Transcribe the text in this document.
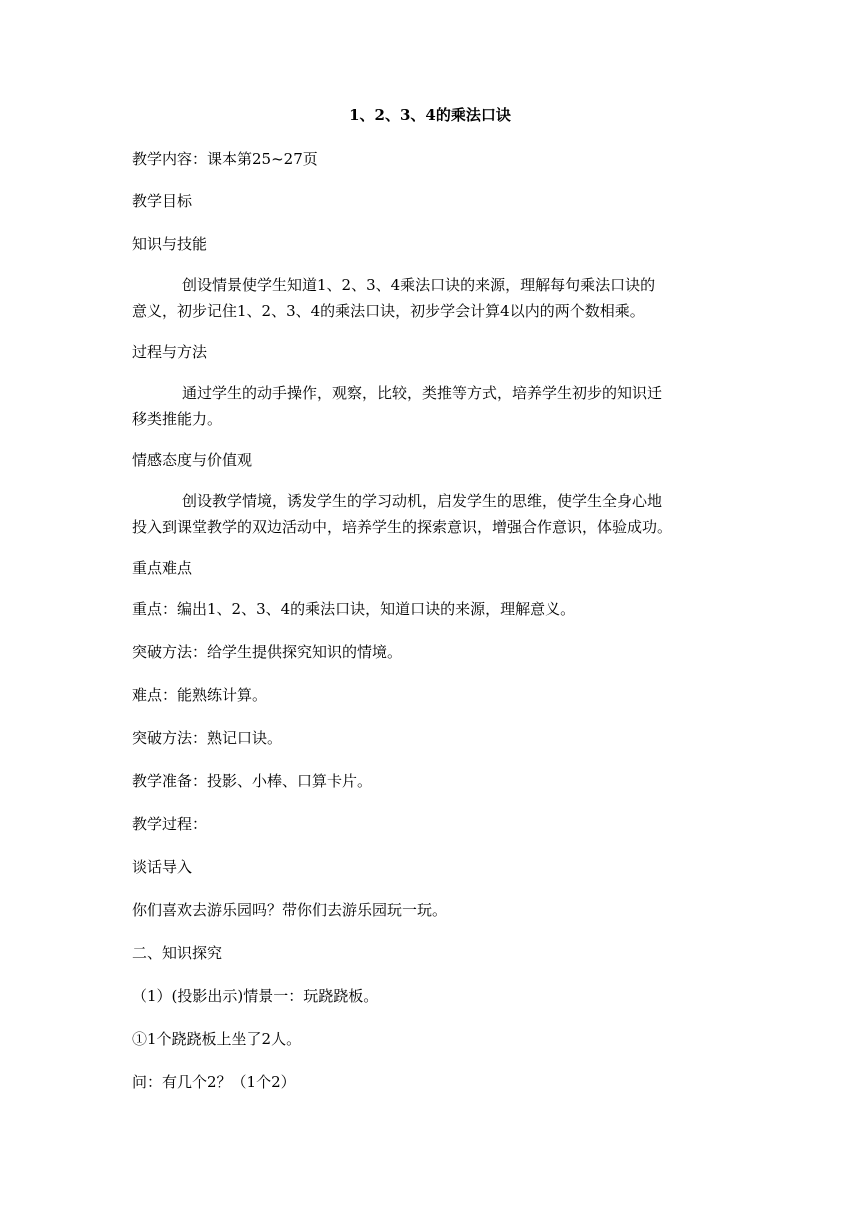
1、2、3、4的乘法口诀
教学内容：课本第25~27页
教学目标
知识与技能
创设情景使学生知道1、2、3、4乘法口诀的来源，理解每句乘法口诀的
意义，初步记住1、2、3、4的乘法口诀，初步学会计算4以内的两个数相乘。
过程与方法
通过学生的动手操作，观察，比较，类推等方式，培养学生初步的知识迁
移类推能力。
情感态度与价值观
创设教学情境，诱发学生的学习动机，启发学生的思维，使学生全身心地
投入到课堂教学的双边活动中，培养学生的探索意识，增强合作意识，体验成功。
重点难点
重点：编出1、2、3、4的乘法口诀，知道口诀的来源，理解意义。
突破方法：给学生提供探究知识的情境。
难点：能熟练计算。
突破方法：熟记口诀。
教学准备：投影、小棒、口算卡片。
教学过程：
谈话导入
你们喜欢去游乐园吗？带你们去游乐园玩一玩。
二、知识探究
（1）(投影出示)情景一：玩跷跷板。
①1个跷跷板上坐了2人。
问：有几个2？（1个2）
